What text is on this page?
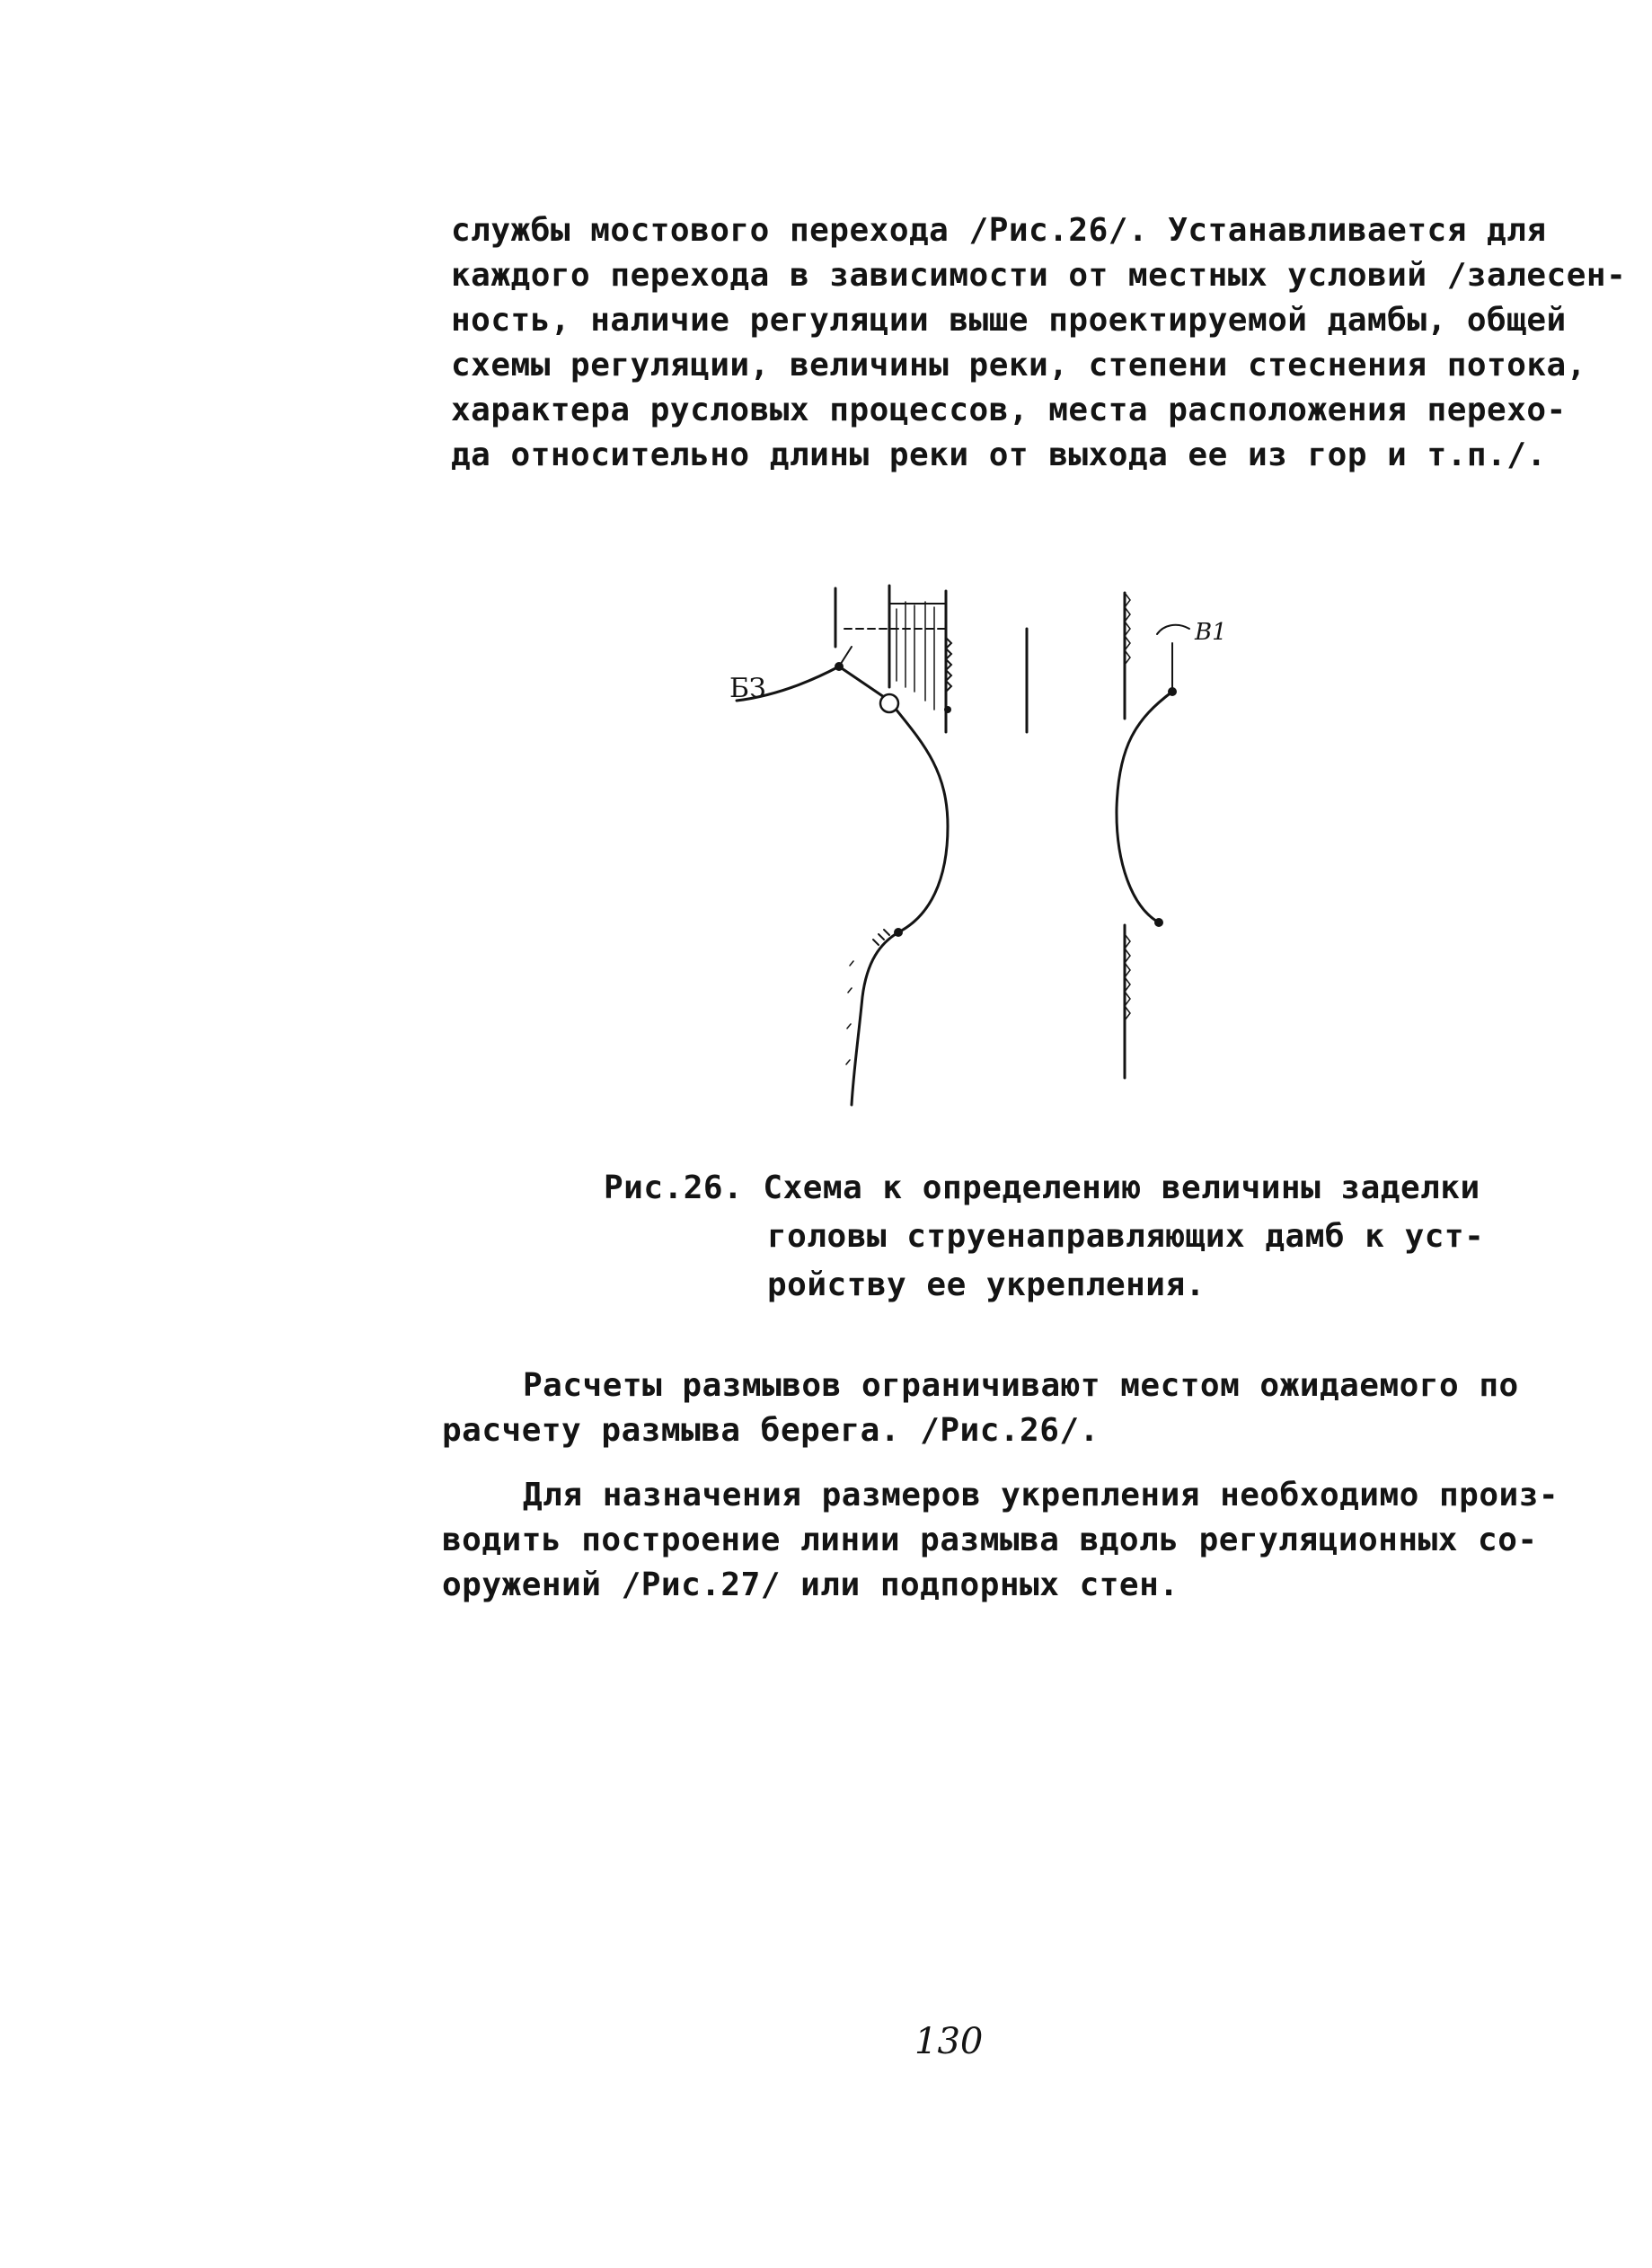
службы мостового перехода /Рис.26/. Устанавливается для
каждого перехода в зависимости от местных условий /залесен-
ность, наличие регуляции выше проектируемой дамбы, общей
схемы регуляции, величины реки, степени стеснения потока,
характера русловых процессов, места расположения перехо-
да относительно длины реки от выхода ее из гор и т.п./.
БЗ
В1
Рис.26. Схема к определению величины заделки
головы струенаправляющих дамб к уст-
ройству ее укрепления.
Расчеты размывов ограничивают местом ожидаемого по
расчету размыва берега. /Рис.26/.
Для назначения размеров укрепления необходимо произ-
водить построение линии размыва вдоль регуляционных со-
оружений /Рис.27/ или подпорных стен.
130
